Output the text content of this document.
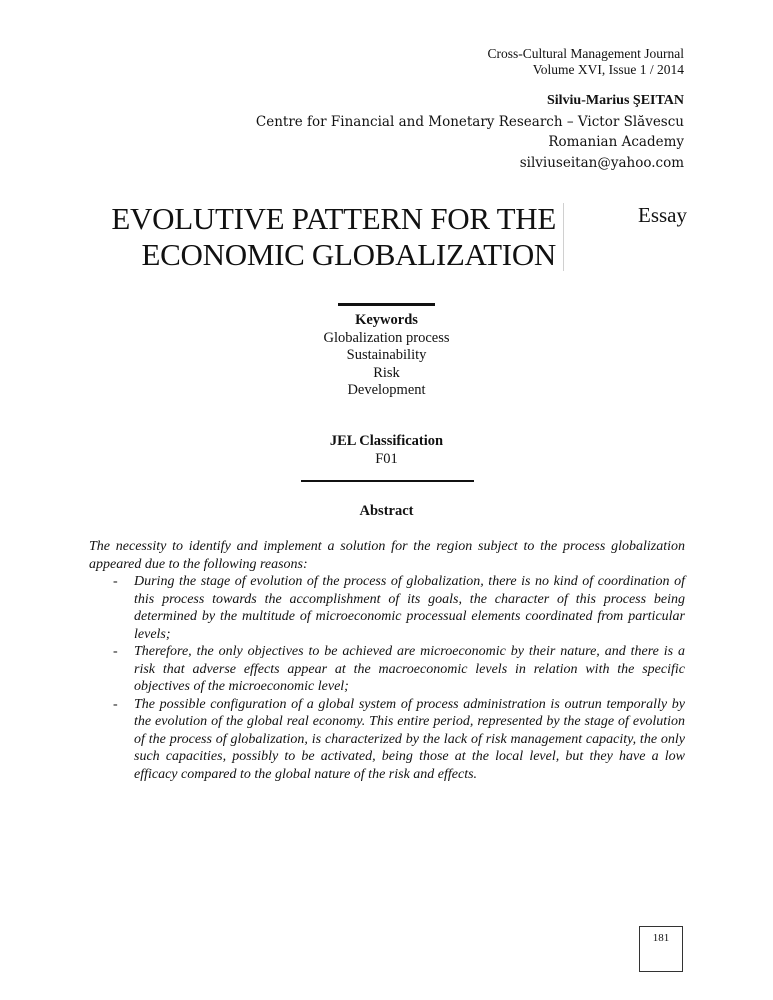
Cross-Cultural Management Journal
Volume XVI, Issue 1 / 2014
Silviu-Marius ŞEITAN
Centre for Financial and Monetary Research – Victor Slăvescu
Romanian Academy
silviuseitan@yahoo.com
EVOLUTIVE PATTERN FOR THE
ECONOMIC GLOBALIZATION
Essay
Keywords
Globalization process
Sustainability
Risk
Development
JEL Classification
F01
Abstract

The necessity to identify and implement a solution for the region subject to the process globalization appeared due to the following reasons:

- During the stage of evolution of the process of globalization, there is no kind of coordination of this process towards the accomplishment of its goals, the character of this process being determined by the multitude of microeconomic processual elements coordinated from particular levels;
- Therefore, the only objectives to be achieved are microeconomic by their nature, and there is a risk that adverse effects appear at the macroeconomic levels in relation with the specific objectives of the microeconomic level;
- The possible configuration of a global system of process administration is outrun temporally by the evolution of the global real economy. This entire period, represented by the stage of evolution of the process of globalization, is characterized by the lack of risk management capacity, the only such capacities, possibly to be activated, being those at the local level, but they have a low efficacy compared to the global nature of the risk and effects.
181
